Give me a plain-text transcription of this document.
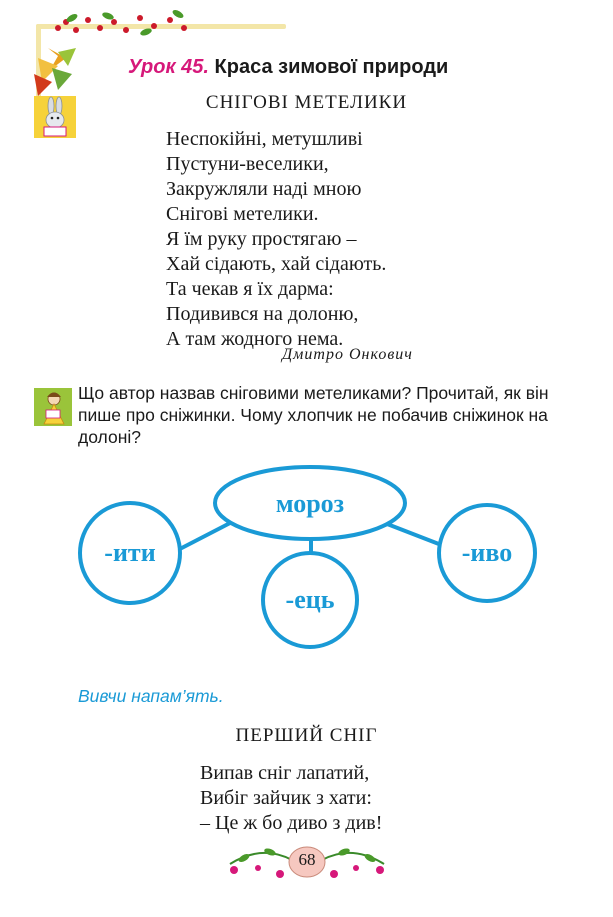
Урок 45. Краса зимової природи
СНІГОВІ МЕТЕЛИКИ
Неспокійні, метушливі
Пустуни-веселики,
Закружляли наді мною
Снігові метелики.
Я їм руку простягаю –
Хай сідають, хай сідають.
Та чекав я їх дарма:
Подивився на долоню,
А там жодного нема.
Дмитро Онкович
Що автор назвав сніговими метеликами? Прочитай, як він пише про сніжинки. Чому хлопчик не побачив сніжинок на долоні?
мороз
-ити
-ець
-иво
Вивчи напам’ять.
ПЕРШИЙ СНІГ
Випав сніг лапатий,
Вибіг зайчик з хати:
– Це ж бо диво з див!
68
